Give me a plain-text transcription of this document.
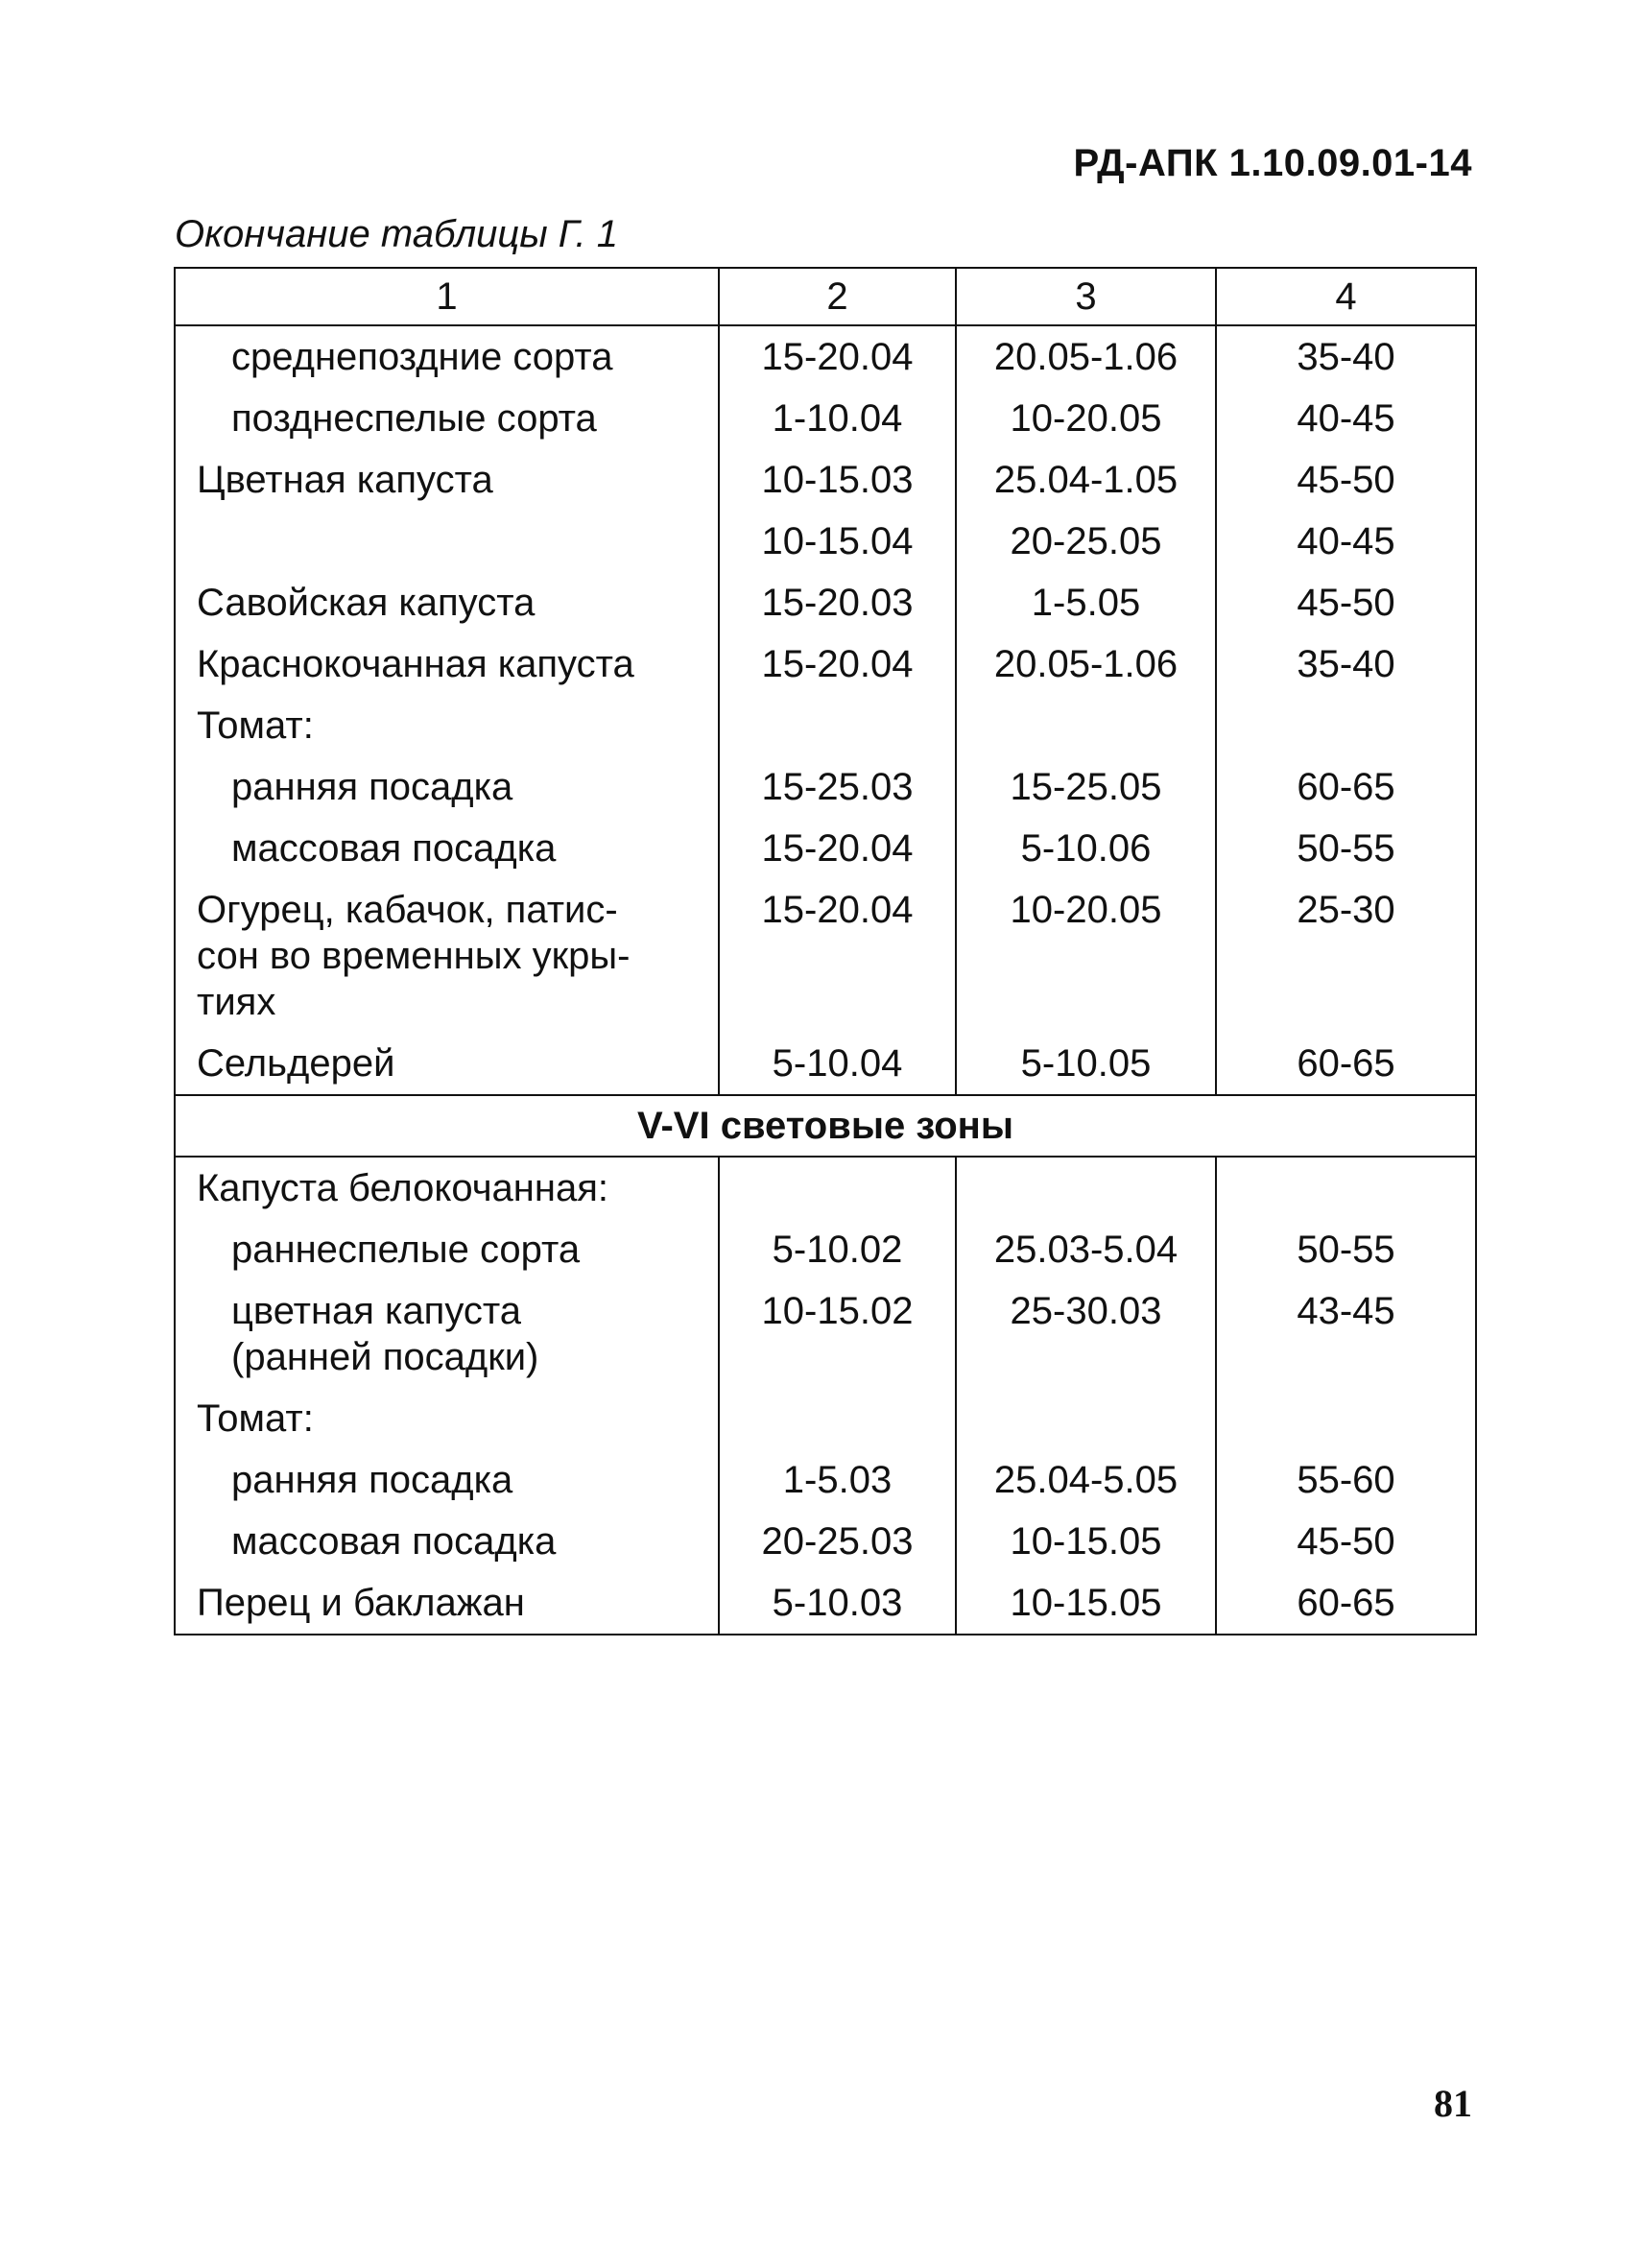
РД-АПК 1.10.09.01-14
Окончание таблицы Г. 1
1	2	3	4
среднепоздние сорта	15-20.04	20.05-1.06	35-40
позднеспелые сорта	1-10.04	10-20.05	40-45
Цветная капуста	10-15.03	25.04-1.05	45-50
	10-15.04	20-25.05	40-45
Савойская капуста	15-20.03	1-5.05	45-50
Краснокочанная капуста	15-20.04	20.05-1.06	35-40
Томат:			
ранняя посадка	15-25.03	15-25.05	60-65
массовая посадка	15-20.04	5-10.06	50-55

Огурец, кабачок, патис-
сон во временных укры-
тиях	15-20.04	10-20.05	25-30
Сельдерей	5-10.04	5-10.05	60-65
V-VI световые зоны			
Капуста белокочанная:			
раннеспелые сорта	5-10.02	25.03-5.04	50-55

цветная капуста
(ранней посадки)	10-15.02	25-30.03	43-45
Томат:			
ранняя посадка	1-5.03	25.04-5.05	55-60
массовая посадка	20-25.03	10-15.05	45-50
Перец и баклажан	5-10.03	10-15.05	60-65
81
